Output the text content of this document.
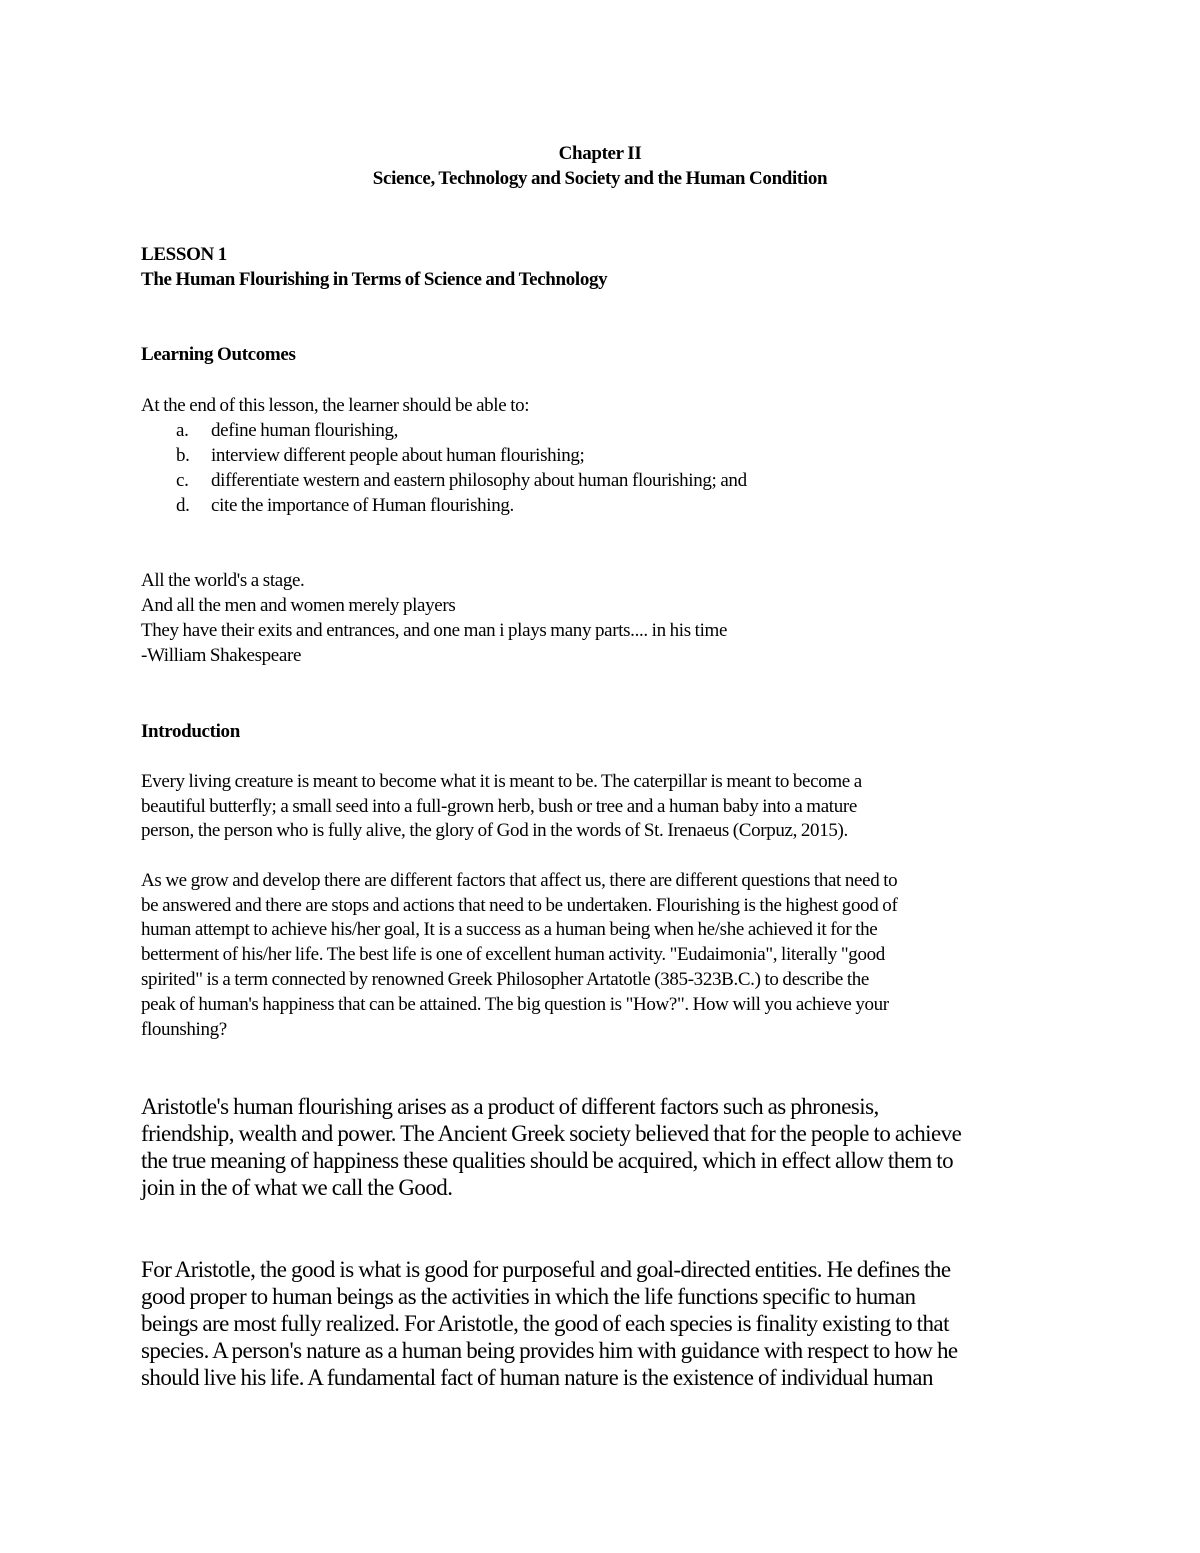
Chapter II
Science, Technology and Society and the Human Condition
LESSON 1
The Human Flourishing in Terms of Science and Technology
Learning Outcomes
At the end of this lesson, the learner should be able to:
a. define human flourishing,
b. interview different people about human flourishing;
c. differentiate western and eastern philosophy about human flourishing; and
d. cite the importance of Human flourishing.
All the world's a stage.
And all the men and women merely players
They have their exits and entrances, and one man i plays many parts.... in his time
-William Shakespeare
Introduction
Every living creature is meant to become what it is meant to be. The caterpillar is meant to become a
beautiful butterfly; a small seed into a full-grown herb, bush or tree and a human baby into a mature
person, the person who is fully alive, the glory of God in the words of St. Irenaeus (Corpuz, 2015).
As we grow and develop there are different factors that affect us, there are different questions that need to
be answered and there are stops and actions that need to be undertaken. Flourishing is the highest good of
human attempt to achieve his/her goal, It is a success as a human being when he/she achieved it for the
betterment of his/her life. The best life is one of excellent human activity. "Eudaimonia", literally "good
spirited" is a term connected by renowned Greek Philosopher Artatotle (385-323B.C.) to describe the
peak of human's happiness that can be attained. The big question is "How?". How will you achieve your
flounshing?
Aristotle's human flourishing arises as a product of different factors such as phronesis,
friendship, wealth and power. The Ancient Greek society believed that for the people to achieve
the true meaning of happiness these qualities should be acquired, which in effect allow them to
join in the of what we call the Good.
For Aristotle, the good is what is good for purposeful and goal-directed entities. He defines the
good proper to human beings as the activities in which the life functions specific to human
beings are most fully realized. For Aristotle, the good of each species is finality existing to that
species. A person's nature as a human being provides him with guidance with respect to how he
should live his life. A fundamental fact of human nature is the existence of individual human
